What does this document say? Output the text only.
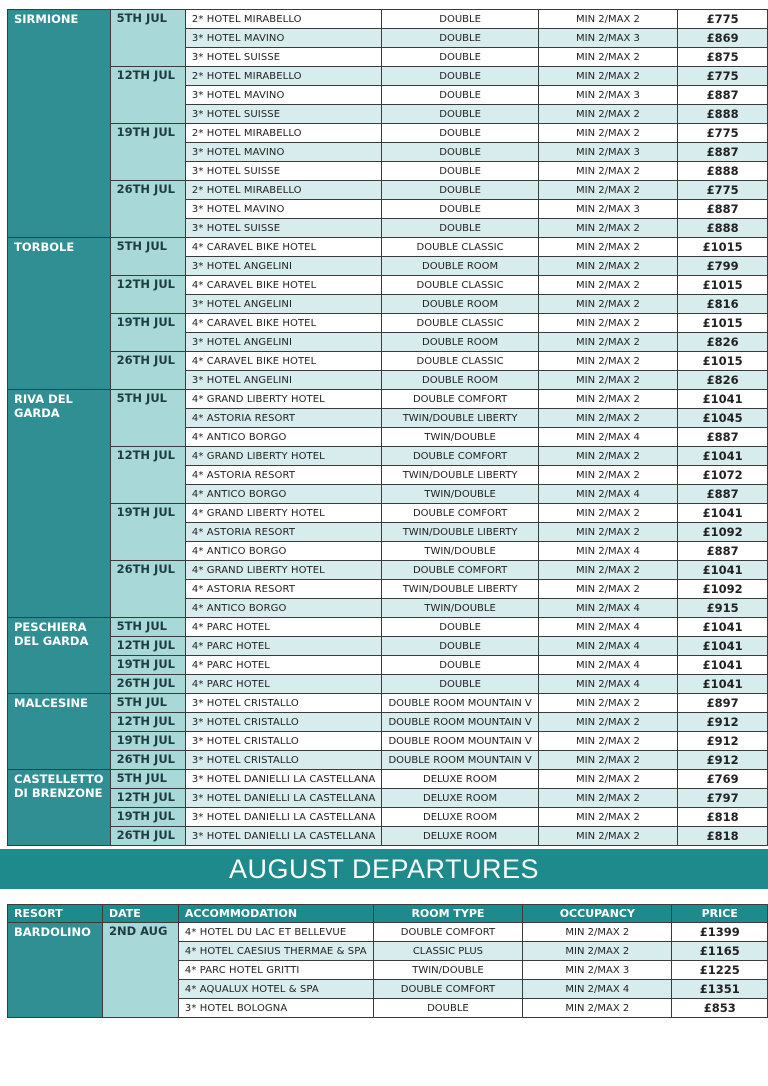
SIRMIONE	5TH JUL	2* HOTEL MIRABELLO	DOUBLE	MIN 2/MAX 2	£775
		3* HOTEL MAVINO	DOUBLE	MIN 2/MAX 3	£869
		3* HOTEL SUISSE	DOUBLE	MIN 2/MAX 2	£875
	12TH JUL	2* HOTEL MIRABELLO	DOUBLE	MIN 2/MAX 2	£775
		3* HOTEL MAVINO	DOUBLE	MIN 2/MAX 3	£887
		3* HOTEL SUISSE	DOUBLE	MIN 2/MAX 2	£888
	19TH JUL	2* HOTEL MIRABELLO	DOUBLE	MIN 2/MAX 2	£775
		3* HOTEL MAVINO	DOUBLE	MIN 2/MAX 3	£887
		3* HOTEL SUISSE	DOUBLE	MIN 2/MAX 2	£888
	26TH JUL	2* HOTEL MIRABELLO	DOUBLE	MIN 2/MAX 2	£775
		3* HOTEL MAVINO	DOUBLE	MIN 2/MAX 3	£887
		3* HOTEL SUISSE	DOUBLE	MIN 2/MAX 2	£888
TORBOLE	5TH JUL	4* CARAVEL BIKE HOTEL	DOUBLE CLASSIC	MIN 2/MAX 2	£1015
		3* HOTEL ANGELINI	DOUBLE ROOM	MIN 2/MAX 2	£799
	12TH JUL	4* CARAVEL BIKE HOTEL	DOUBLE CLASSIC	MIN 2/MAX 2	£1015
		3* HOTEL ANGELINI	DOUBLE ROOM	MIN 2/MAX 2	£816
	19TH JUL	4* CARAVEL BIKE HOTEL	DOUBLE CLASSIC	MIN 2/MAX 2	£1015
		3* HOTEL ANGELINI	DOUBLE ROOM	MIN 2/MAX 2	£826
	26TH JUL	4* CARAVEL BIKE HOTEL	DOUBLE CLASSIC	MIN 2/MAX 2	£1015
		3* HOTEL ANGELINI	DOUBLE ROOM	MIN 2/MAX 2	£826
RIVA DEL GARDA	5TH JUL	4* GRAND LIBERTY HOTEL	DOUBLE COMFORT	MIN 2/MAX 2	£1041
		4* ASTORIA RESORT	TWIN/DOUBLE LIBERTY	MIN 2/MAX 2	£1045
		4* ANTICO BORGO	TWIN/DOUBLE	MIN 2/MAX 4	£887
	12TH JUL	4* GRAND LIBERTY HOTEL	DOUBLE COMFORT	MIN 2/MAX 2	£1041
		4* ASTORIA RESORT	TWIN/DOUBLE LIBERTY	MIN 2/MAX 2	£1072
		4* ANTICO BORGO	TWIN/DOUBLE	MIN 2/MAX 4	£887
	19TH JUL	4* GRAND LIBERTY HOTEL	DOUBLE COMFORT	MIN 2/MAX 2	£1041
		4* ASTORIA RESORT	TWIN/DOUBLE LIBERTY	MIN 2/MAX 2	£1092
		4* ANTICO BORGO	TWIN/DOUBLE	MIN 2/MAX 4	£887
	26TH JUL	4* GRAND LIBERTY HOTEL	DOUBLE COMFORT	MIN 2/MAX 2	£1041
		4* ASTORIA RESORT	TWIN/DOUBLE LIBERTY	MIN 2/MAX 2	£1092
		4* ANTICO BORGO	TWIN/DOUBLE	MIN 2/MAX 4	£915
PESCHIERA DEL GARDA	5TH JUL	4* PARC HOTEL	DOUBLE	MIN 2/MAX 4	£1041
	12TH JUL	4* PARC HOTEL	DOUBLE	MIN 2/MAX 4	£1041
	19TH JUL	4* PARC HOTEL	DOUBLE	MIN 2/MAX 4	£1041
	26TH JUL	4* PARC HOTEL	DOUBLE	MIN 2/MAX 4	£1041
MALCESINE	5TH JUL	3* HOTEL CRISTALLO	DOUBLE ROOM MOUNTAIN V	MIN 2/MAX 2	£897
	12TH JUL	3* HOTEL CRISTALLO	DOUBLE ROOM MOUNTAIN V	MIN 2/MAX 2	£912
	19TH JUL	3* HOTEL CRISTALLO	DOUBLE ROOM MOUNTAIN V	MIN 2/MAX 2	£912
	26TH JUL	3* HOTEL CRISTALLO	DOUBLE ROOM MOUNTAIN V	MIN 2/MAX 2	£912
CASTELLETTO DI BRENZONE	5TH JUL	3* HOTEL DANIELLI LA CASTELLANA	DELUXE ROOM	MIN 2/MAX 2	£769
	12TH JUL	3* HOTEL DANIELLI LA CASTELLANA	DELUXE ROOM	MIN 2/MAX 2	£797
	19TH JUL	3* HOTEL DANIELLI LA CASTELLANA	DELUXE ROOM	MIN 2/MAX 2	£818
	26TH JUL	3* HOTEL DANIELLI LA CASTELLANA	DELUXE ROOM	MIN 2/MAX 2	£818
AUGUST DEPARTURES
RESORT	DATE	ACCOMMODATION	ROOM TYPE	OCCUPANCY	PRICE
BARDOLINO	2ND AUG	4* HOTEL DU LAC ET BELLEVUE	DOUBLE COMFORT	MIN 2/MAX 2	£1399
		4* HOTEL CAESIUS THERMAE & SPA	CLASSIC PLUS	MIN 2/MAX 2	£1165
		4* PARC HOTEL GRITTI	TWIN/DOUBLE	MIN 2/MAX 3	£1225
		4* AQUALUX HOTEL & SPA	DOUBLE COMFORT	MIN 2/MAX 4	£1351
		3* HOTEL BOLOGNA	DOUBLE	MIN 2/MAX 2	£853
